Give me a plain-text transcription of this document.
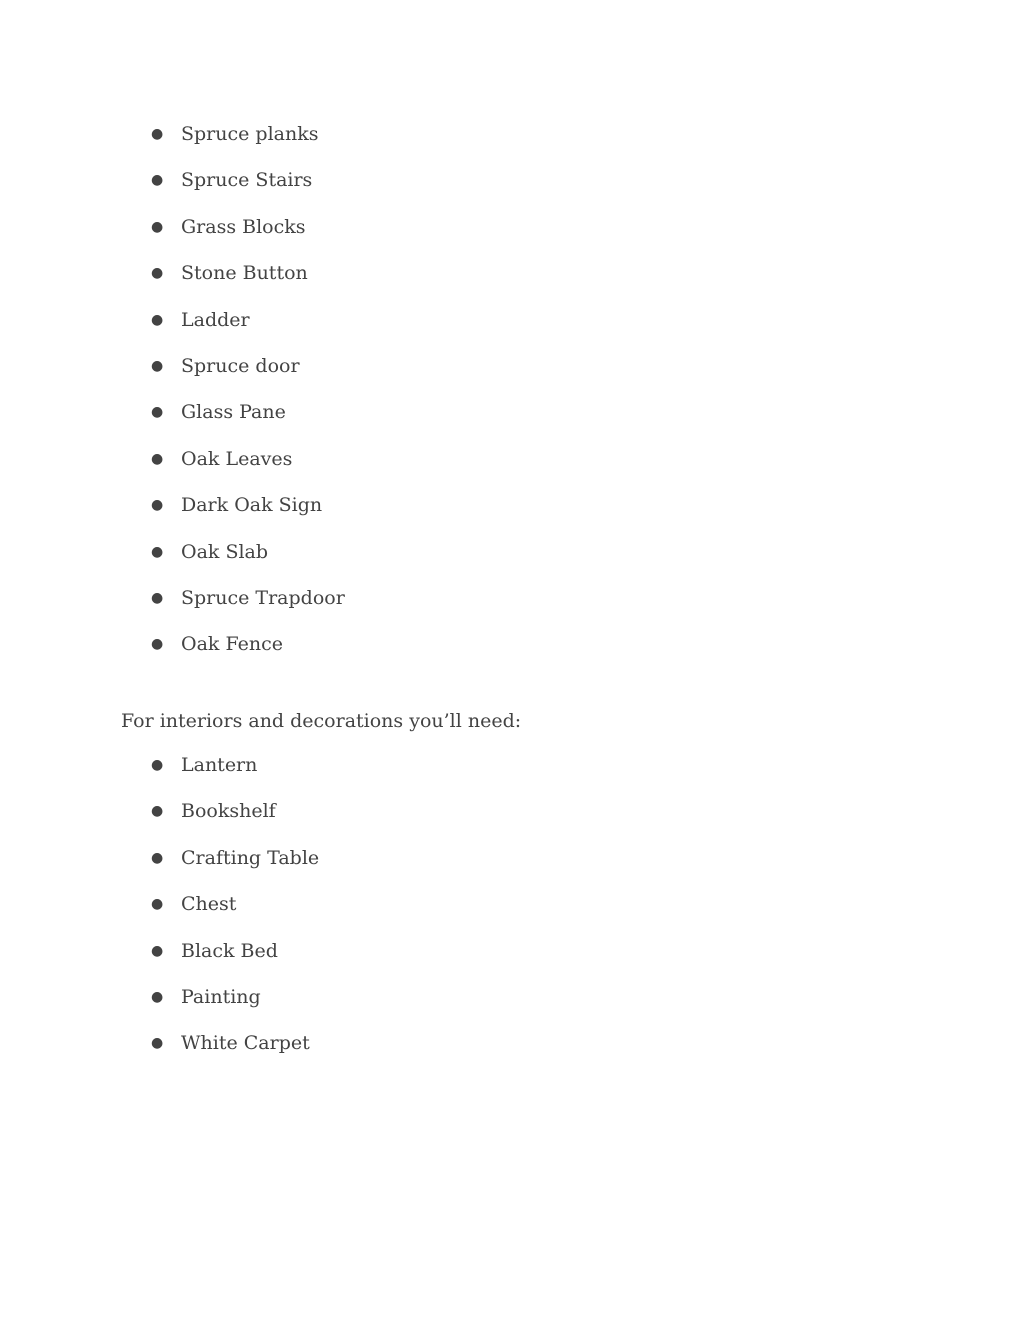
● Spruce planks
● Spruce Stairs
● Grass Blocks
● Stone Button
● Ladder
● Spruce door
● Glass Pane
● Oak Leaves
● Dark Oak Sign
● Oak Slab
● Spruce Trapdoor
● Oak Fence

For interiors and decorations you’ll need:

● Lantern
● Bookshelf
● Crafting Table
● Chest
● Black Bed
● Painting
● White Carpet
